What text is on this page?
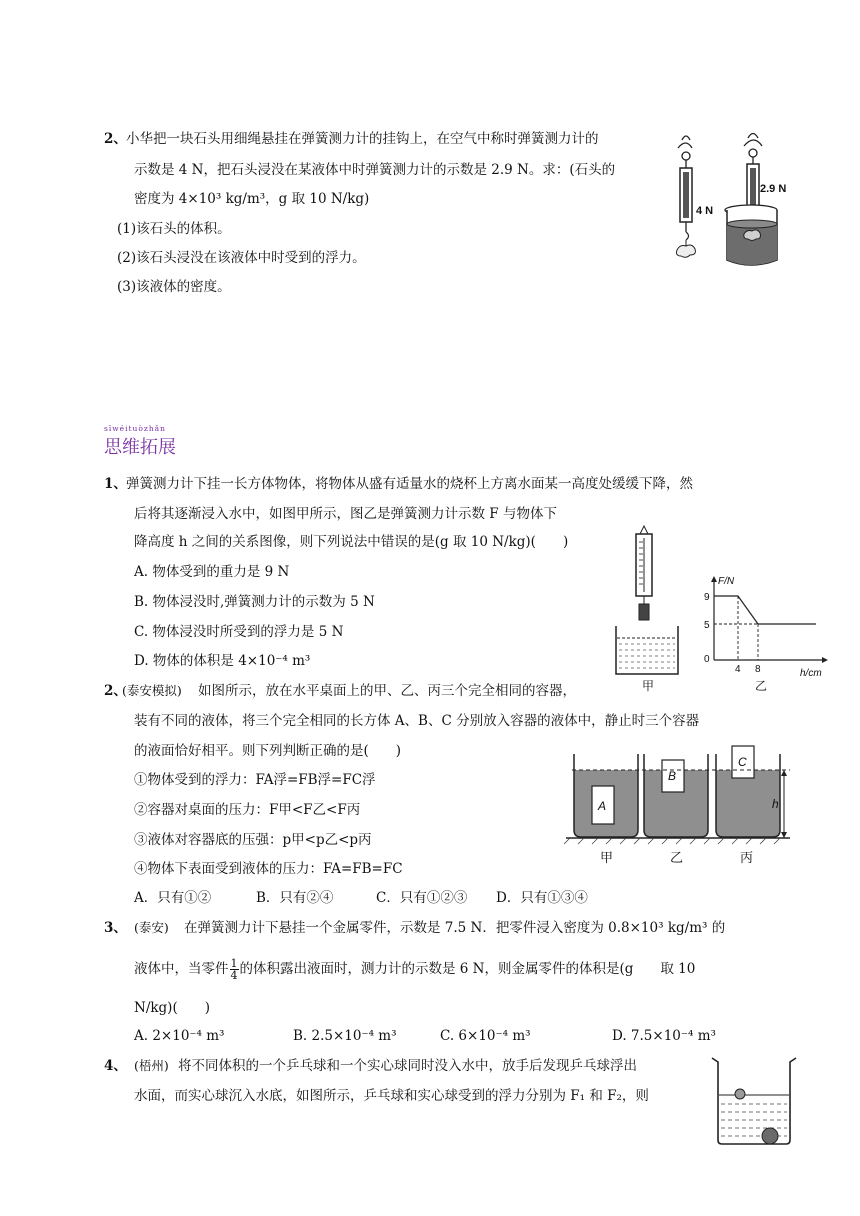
2、 小华把一块石头用细绳悬挂在弹簧测力计的挂钩上，在空气中称时弹簧测力计的
示数是 4 N，把石头浸没在某液体中时弹簧测力计的示数是 2.9 N。求：(石头的
密度为 4×10³ kg/m³，g 取 10 N/kg)
(1)该石头的体积。
(2)该石头浸没在该液体中时受到的浮力。
(3)该液体的密度。
4 N
2.9 N
sīwéituòzhǎn
思维拓展
1、 弹簧测力计下挂一长方体物体，将物体从盛有适量水的烧杯上方离水面某一高度处缓缓下降，然
后将其逐渐浸入水中，如图甲所示，图乙是弹簧测力计示数 F 与物体下
降高度 h 之间的关系图像，则下列说法中错误的是(g 取 10 N/kg)(　　)
A. 物体受到的重力是 9 N
B. 物体浸没时,弹簧测力计的示数为 5 N
C. 物体浸没时所受到的浮力是 5 N
D. 物体的体积是 4×10⁻⁴ m³
甲
F/N
h/cm
9
5
0
4 8
乙
2、
(泰安模拟) 如图所示，放在水平桌面上的甲、乙、丙三个完全相同的容器，
装有不同的液体，将三个完全相同的长方体 A、B、C 分别放入容器的液体中，静止时三个容器
的液面恰好相平。则下列判断正确的是(　　)
①物体受到的浮力：FA浮=FB浮=FC浮
②容器对桌面的压力：F甲<F乙<F丙
③液体对容器底的压强：p甲<p乙<p丙
④物体下表面受到液体的压力：FA=FB=FC
A．只有①②	B．只有②④	C．只有①②③ D．只有①③④
A
B
C
h
甲	乙	丙
3、 (泰安) 在弹簧测力计下悬挂一个金属零件，示数是 7.5 N．把零件浸入密度为 0.8×10³ kg/m³ 的
液体中，当零件 $\frac{1}{4}$ 的体积露出液面时，测力计的示数是 6 N，则金属零件的体积是(g　　取 10
N/kg)(　　)
A. 2×10⁻⁴ m³	B. 2.5×10⁻⁴ m³	C. 6×10⁻⁴ m³	D. 7.5×10⁻⁴ m³
4、 (梧州) 将不同体积的一个乒乓球和一个实心球同时没入水中，放手后发现乒乓球浮出
水面，而实心球沉入水底，如图所示，乒乓球和实心球受到的浮力分别为 F₁ 和 F₂，则
